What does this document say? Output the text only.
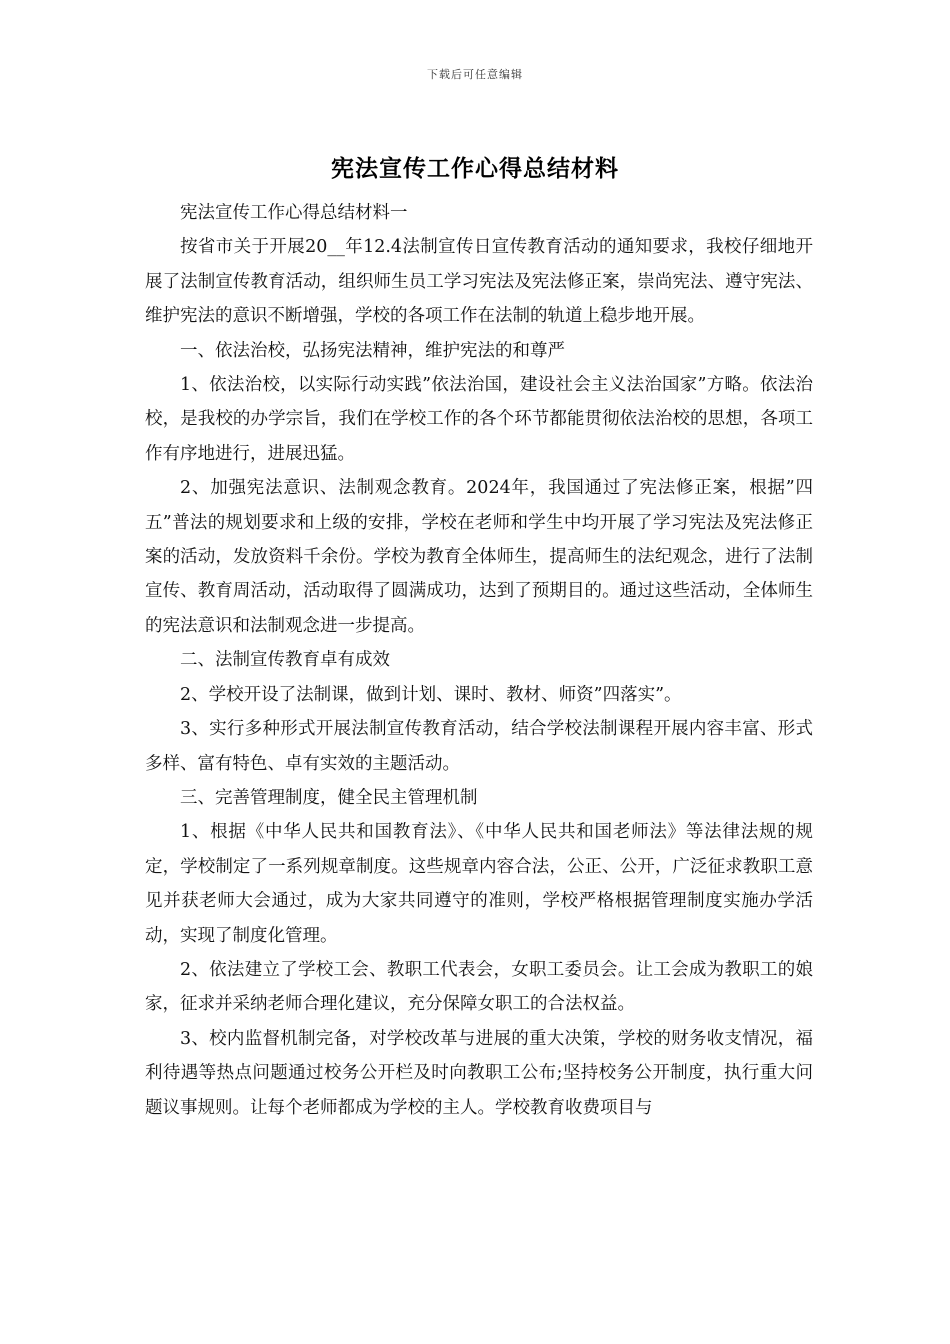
下载后可任意编辑
宪法宣传工作心得总结材料

宪法宣传工作心得总结材料一

按省市关于开展20__年12.4法制宣传日宣传教育活动的通知要求，我校仔细地开展了法制宣传教育活动，组织师生员工学习宪法及宪法修正案，崇尚宪法、遵守宪法、维护宪法的意识不断增强，学校的各项工作在法制的轨道上稳步地开展。

一、依法治校，弘扬宪法精神，维护宪法的和尊严

1、依法治校，以实际行动实践”依法治国，建设社会主义法治国家”方略。依法治校，是我校的办学宗旨，我们在学校工作的各个环节都能贯彻依法治校的思想，各项工作有序地进行，进展迅猛。

2、加强宪法意识、法制观念教育。2024年，我国通过了宪法修正案，根据”四五”普法的规划要求和上级的安排，学校在老师和学生中均开展了学习宪法及宪法修正案的活动，发放资料千余份。学校为教育全体师生，提高师生的法纪观念，进行了法制宣传、教育周活动，活动取得了圆满成功，达到了预期目的。通过这些活动，全体师生的宪法意识和法制观念进一步提高。

二、法制宣传教育卓有成效

2、学校开设了法制课，做到计划、课时、教材、师资”四落实”。

3、实行多种形式开展法制宣传教育活动，结合学校法制课程开展内容丰富、形式多样、富有特色、卓有实效的主题活动。

三、完善管理制度，健全民主管理机制

1、根据《中华人民共和国教育法》、《中华人民共和国老师法》等法律法规的规定，学校制定了一系列规章制度。这些规章内容合法，公正、公开，广泛征求教职工意见并获老师大会通过，成为大家共同遵守的准则，学校严格根据管理制度实施办学活动，实现了制度化管理。

2、依法建立了学校工会、教职工代表会，女职工委员会。让工会成为教职工的娘家，征求并采纳老师合理化建议，充分保障女职工的合法权益。

3、校内监督机制完备，对学校改革与进展的重大决策，学校的财务收支情况，福利待遇等热点问题通过校务公开栏及时向教职工公布;坚持校务公开制度，执行重大问题议事规则。让每个老师都成为学校的主人。学校教育收费项目与
